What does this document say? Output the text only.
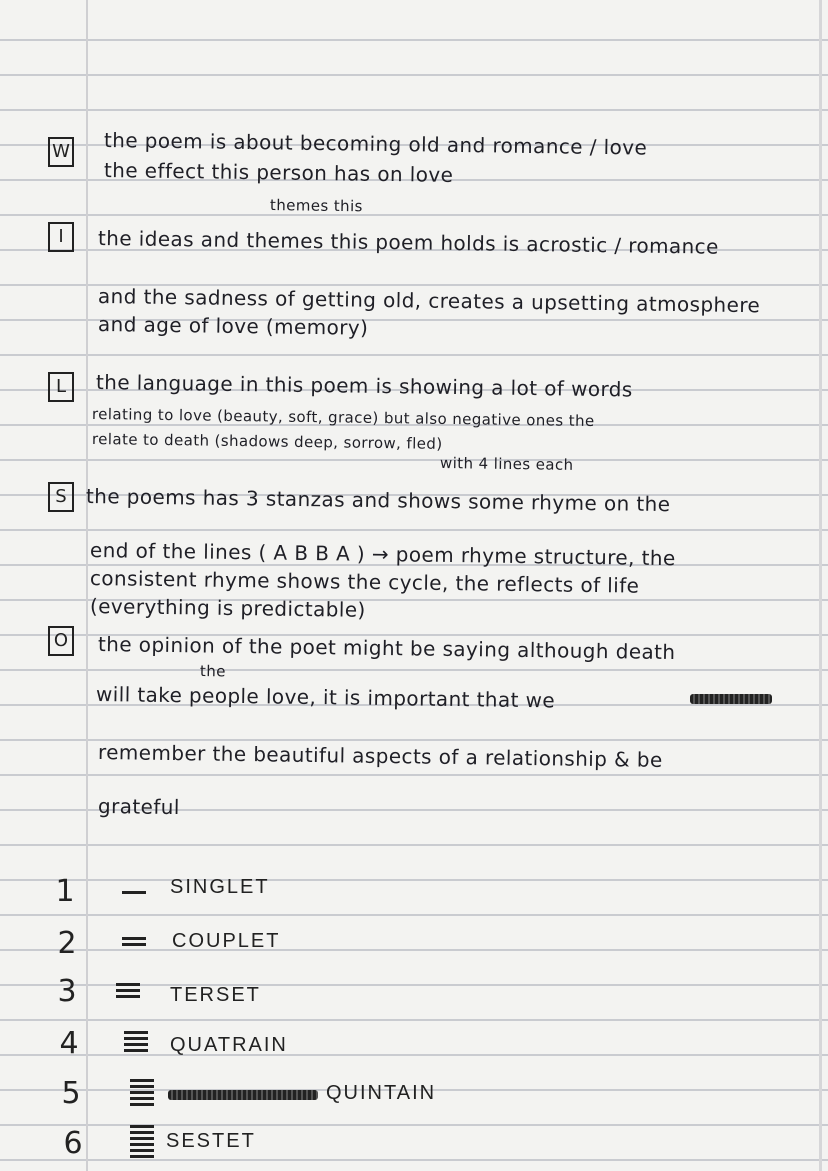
W the poem is about becoming old and romance / love
the effect this person has on love
themes this
I	the ideas and themes this poem holds is acrostic / romance
and the sadness of getting old, creates a upsetting atmosphere
and age of love (memory)
L	the language in this poem is showing a lot of words
relating to love (beauty, soft, grace) but also negative ones the
relate to death (shadows deep, sorrow, fled)
with 4 lines each
S the poems has 3 stanzas and shows some rhyme on the
end of the lines ( A B B A ) → poem rhyme structure, the
consistent rhyme shows the cycle, the reflects of life
(everything is predictable)
O the opinion of the poet might be saying although death
the
will take people love, it is important that we
remember the beautiful aspects of a relationship & be
grateful
1	SINGLET
2	COUPLET
3	TERSET
4	QUATRAIN
5	QUINTAIN
6	SESTET
